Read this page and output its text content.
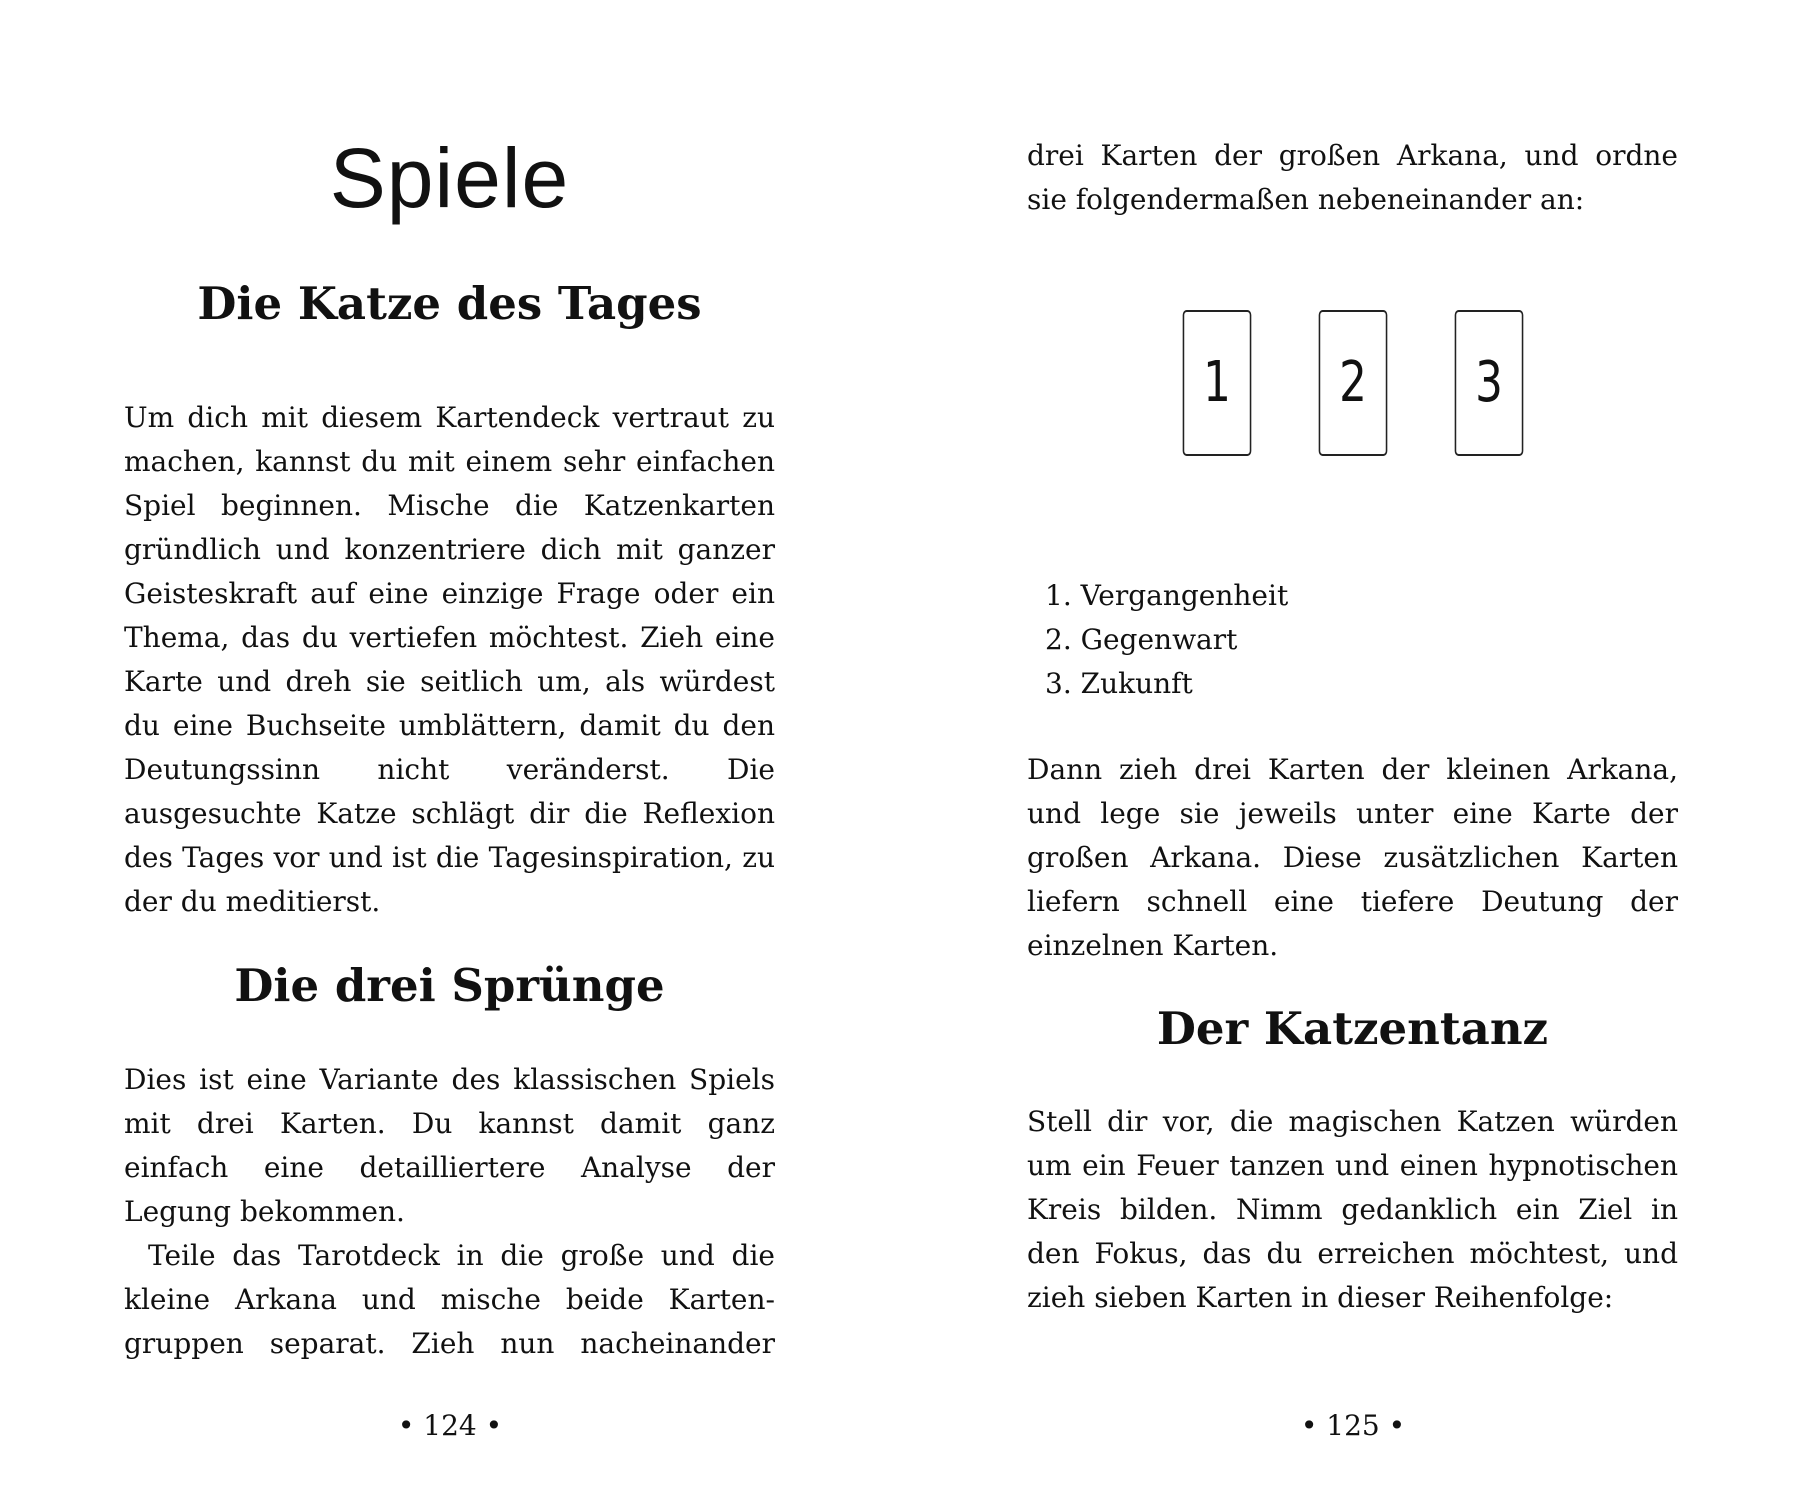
Spiele
Die Katze des Tages

Um dich mit diesem Kartendeck vertraut zu machen, kannst du mit einem sehr einfachen Spiel beginnen. Mische die Katzenkarten gründlich und konzentriere dich mit ganzer Geisteskraft auf eine einzige Frage oder ein Thema, das du vertiefen möchtest. Zieh eine Karte und dreh sie seitlich um, als würdest du eine Buchseite umblättern, damit du den Deutungssinn nicht veränderst. Die ausgesuchte Katze schlägt dir die Reflexion des Tages vor und ist die Tagesinspiration, zu der du meditierst.

Die drei Sprünge

Dies ist eine Variante des klassischen Spiels mit drei Karten. Du kannst damit ganz einfach eine detailliertere Analyse der Legung bekommen.

Teile das Tarotdeck in die große und die kleine Arkana und mische beide Kartengruppen separat. Zieh nun nacheinander

• 124 •

drei Karten der großen Arkana, und ordne sie folgendermaßen nebeneinander an:

• 125 •
1	2	3
1. Vergangenheit
2. Gegenwart
3. Zukunft

Dann zieh drei Karten der kleinen Arkana, und lege sie jeweils unter eine Karte der großen Arkana. Diese zusätzlichen Karten liefern schnell eine tiefere Deutung der einzelnen Karten.

Der Katzentanz

Stell dir vor, die magischen Katzen würden um ein Feuer tanzen und einen hypnotischen Kreis bilden. Nimm gedanklich ein Ziel in den Fokus, das du erreichen möchtest, und zieh sieben Karten in dieser Reihenfolge:
